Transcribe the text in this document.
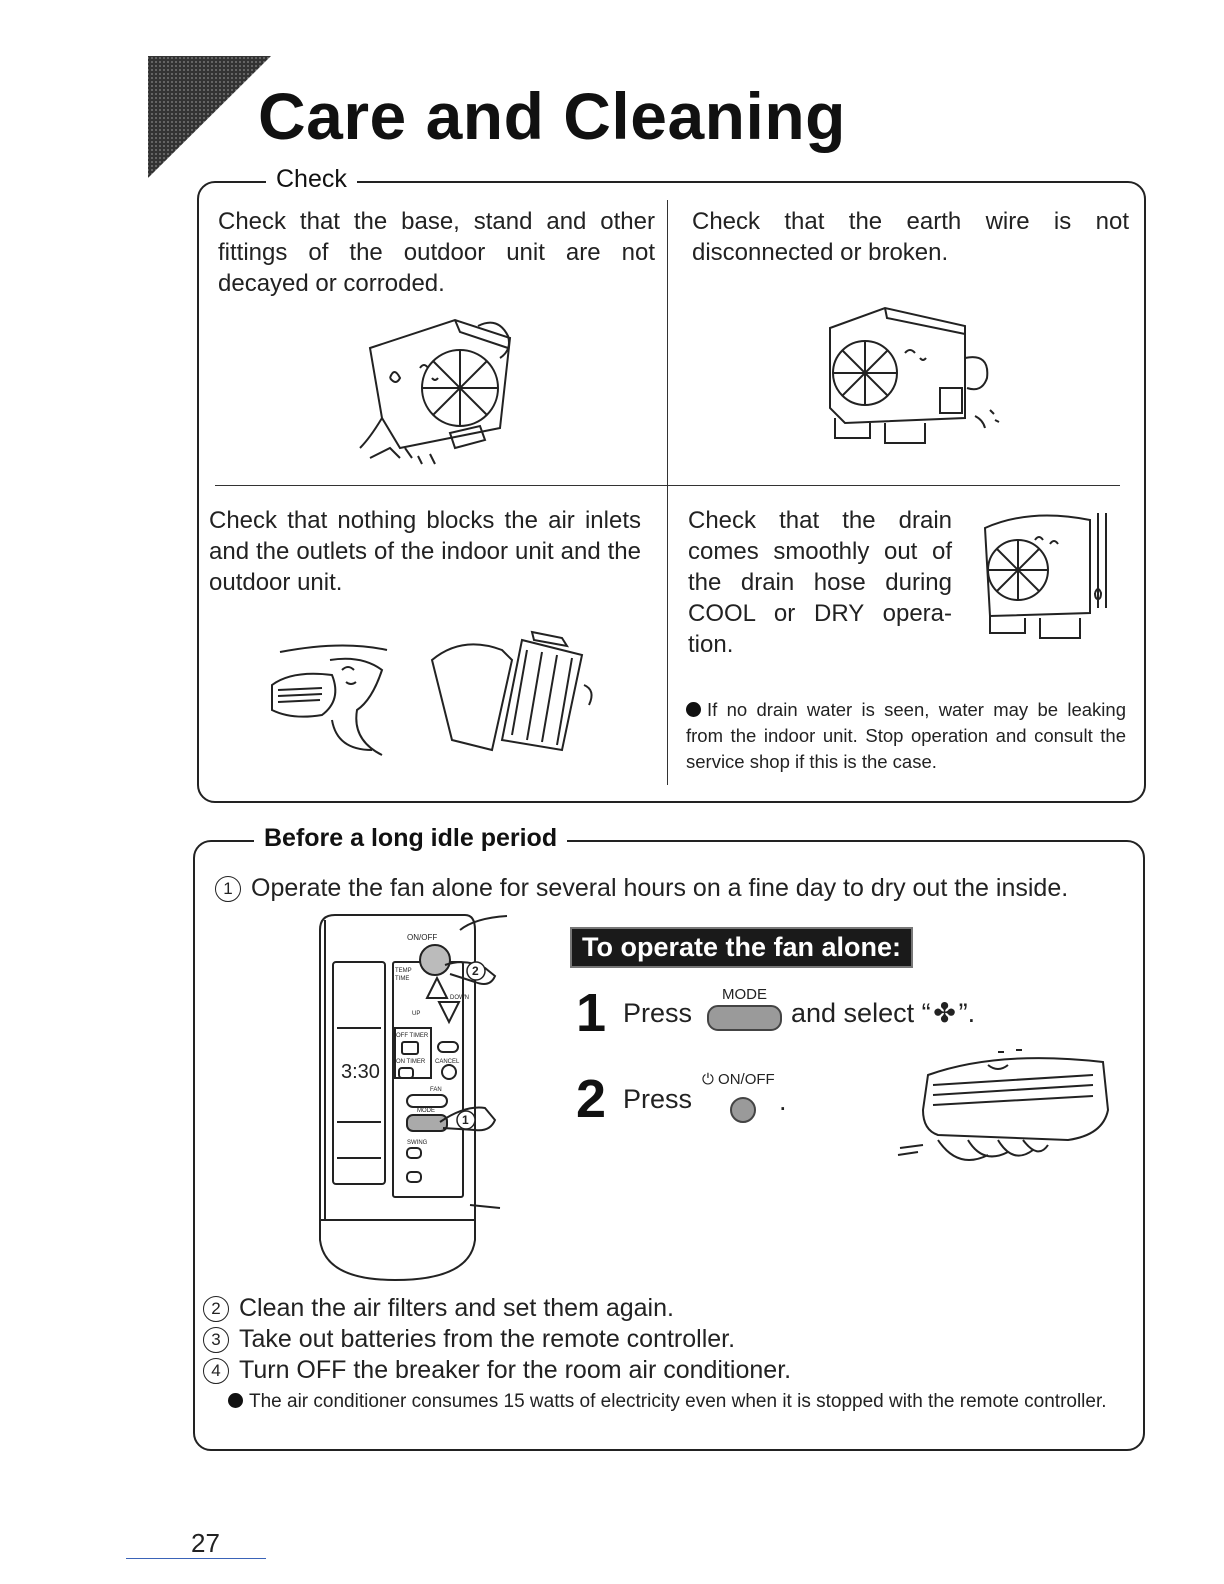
Care and Cleaning
Check
Check that the base, stand and other fittings of the outdoor unit are not decayed or corroded.
Check that the earth wire is not disconnected or broken.
Check that nothing blocks the air inlets and the outlets of the indoor unit and the outdoor unit.
Check that the drain comes smoothly out of the drain hose during COOL or DRY opera-tion.
If no drain water is seen, water may be leaking from the indoor unit. Stop operation and consult the service shop if this is the case.
Before a long idle period
1 Operate the fan alone for several hours on a fine day to dry out the inside.
ON/OFF
TEMP
TIME
DOWN
UP
OFF TIMER
ON TIMER CANCEL
3:30
FAN
MODE
SWING
2
1
To operate the fan alone:
1 Press
MODE
and select “✤”.
2 Press
⏻ ON/OFF
.
2 Clean the air filters and set them again.
3 Take out batteries from the remote controller.
4 Turn OFF the breaker for the room air conditioner.
The air conditioner consumes 15 watts of electricity even when it is stopped with the remote controller.
27
